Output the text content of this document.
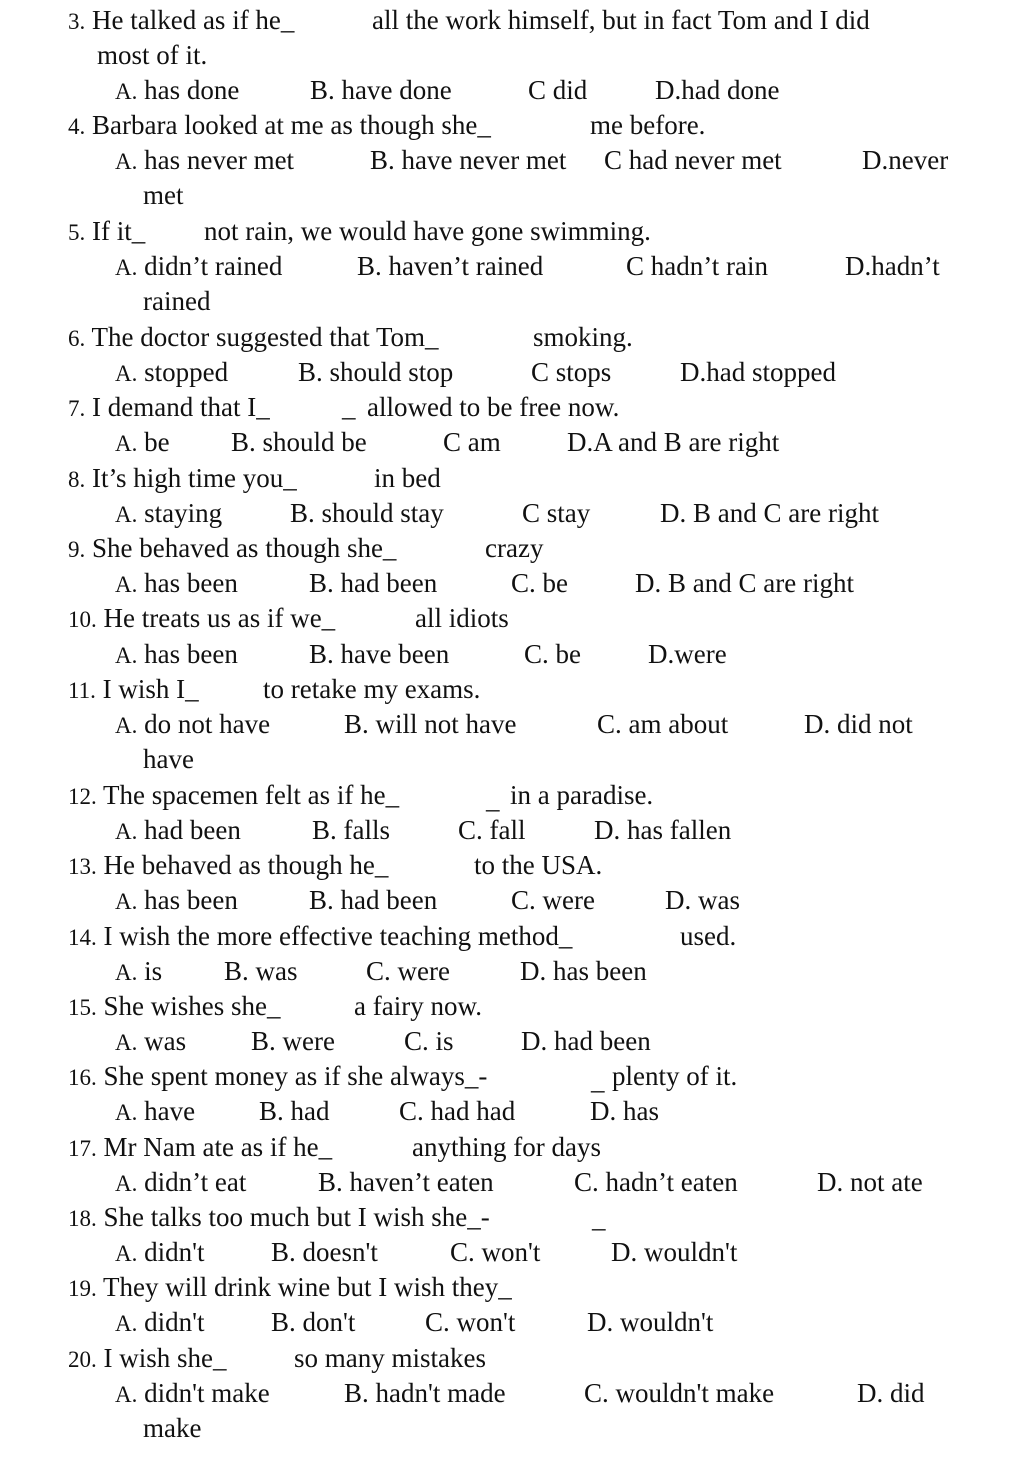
3. He talked as if he_	all the work himself, but in fact Tom and I did
most of it.
A. has done	B. have done	C did	D.had done
4. Barbara looked at me as though she_	me before.
A. has never met	B. have never met C had never met	D.never
met
5. If it_ not rain, we would have gone swimming.
A. didn’t rained	B. haven’t rained	C hadn’t rain	D.hadn’t
rained
6. The doctor suggested that Tom_	smoking.
A. stopped	B. should stop	C stops	D.had stopped
7. I demand that I_	_ allowed to be free now.
A. be B. should be	C am D.A and B are right
8. It’s high time you_	in bed
A. staying	B. should stay	C stay	D. B and C are right
9. She behaved as though she_	crazy
A. has been	B. had been	C. be D. B and C are right
10. He treats us as if we_	all idiots
A. has been	B. have been	C. be D.were
11. I wish I_ to retake my exams.
A. do not have	B. will not have	C. am about	D. did not
have
12. The spacemen felt as if he_	_ in a paradise.
A. had been	B. falls	C. fall	D. has fallen
13. He behaved as though he_	to the USA.
A. has been	B. had been	C. were	D. was
14. I wish the more effective teaching method_	used.
A. is B. was	C. were	D. has been
15. She wishes she_	a fairy now.
A. was B. were	C. is D. had been
16. She spent money as if she always_-	_ plenty of it.
A. have B. had	C. had had	D. has
17. Mr Nam ate as if he_	anything for days
A. didn’t eat	B. haven’t eaten	C. hadn’t eaten	D. not ate
18. She talks too much but I wish she_-	_
A. didn't B. doesn't	C. won't	D. wouldn't
19. They will drink wine but I wish they_
A. didn't B. don't	C. won't	D. wouldn't
20. I wish she_	so many mistakes
A. didn't make	B. hadn't made	C. wouldn't make	D. did
make
